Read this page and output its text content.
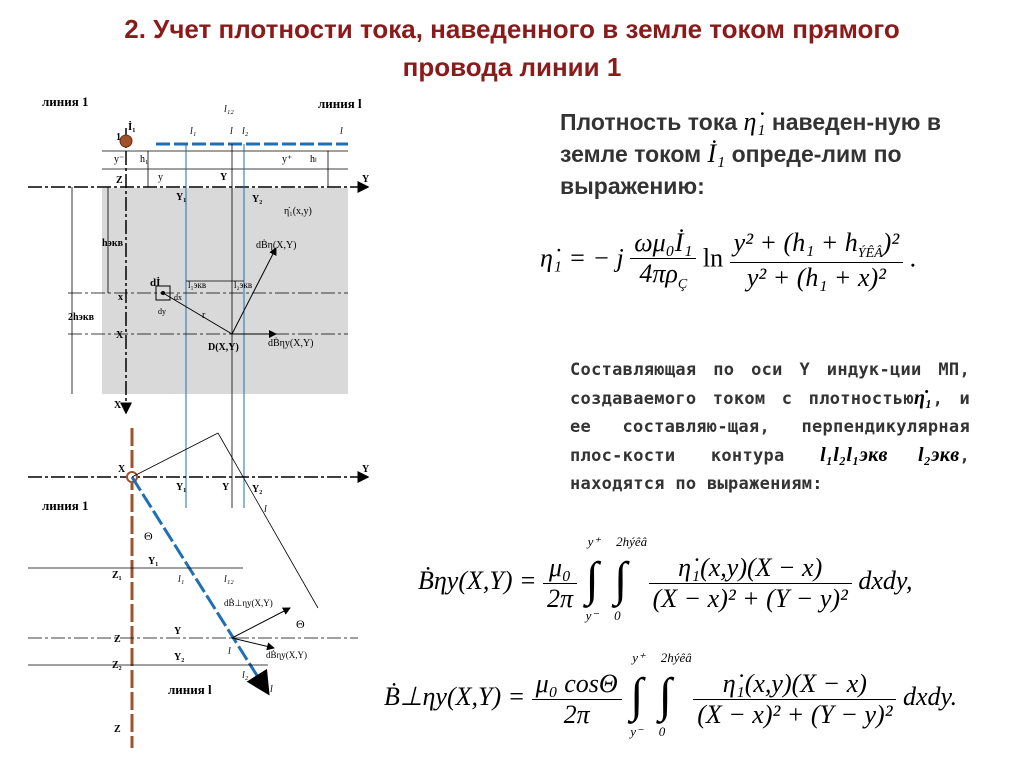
2. Учет плотности тока, наведенного в земле током прямого
провода линии 1
линия 1	линия l
İ₁
1
l₁₂
l₁	l l₂	l
y⁻ h₁	y⁺ hₗ
Z	y	Y	Y
Y₁	Y₂
η̇₁(x,y)
hэкв	dḂη(X,Y)
dİ	l₁экв	l₂экв
x	dx
dy
2hэкв	r
X
D(X,Y)	dḂηy(X,Y)
X
X	Y
Y₁	Y Y₂
линия 1	l
Θ
Z₁
Y₁
l₁	l₁₂
dḂ⊥ηy(X,Y)
Θ
Z
Y
l	dḂηy(X,Y)
Z₂
Y₂
l₂
линия l	l
Z
Плотность тока η̇₁ наведен-ную в земле током İ₁ опреде-лим по выражению:
η̇₁ = − j $\frac{\text{ωμ₀İ₁}}{4\pi\rho_Ç}$ $\ln \frac{y^2 + (h_1 + h_{ÝÊÂ})^2}{\text{y² + (h₁ + x)²}}$ .
Составляющая по оси Y индук-ции МП, создаваемого током с плотностьюη̇₁, и ее составляю-щая, перпендикулярная плос-кости контура l₁l₂l₁экв l₂экв, находятся по выражениям:
Ḃηy(X,Y) = $\frac{\text{μ₀}}{2\pi}$
∫
y⁺
y⁻

∫
2hýêâ
0

$\frac{\text{η̇₁(x,y)(X − x)}}{\text{(X − x)² + (Y − y)²}}$ dxdy,
Ḃ⊥ηy(X,Y) = $\frac{\text{μ₀ cosΘ}}{2\pi}$
∫
y⁺
y⁻

∫
2hýêâ
0

$\frac{\text{η̇₁(x,y)(X − x)}}{\text{(X − x)² + (Y − y)²}}$ dxdy.
